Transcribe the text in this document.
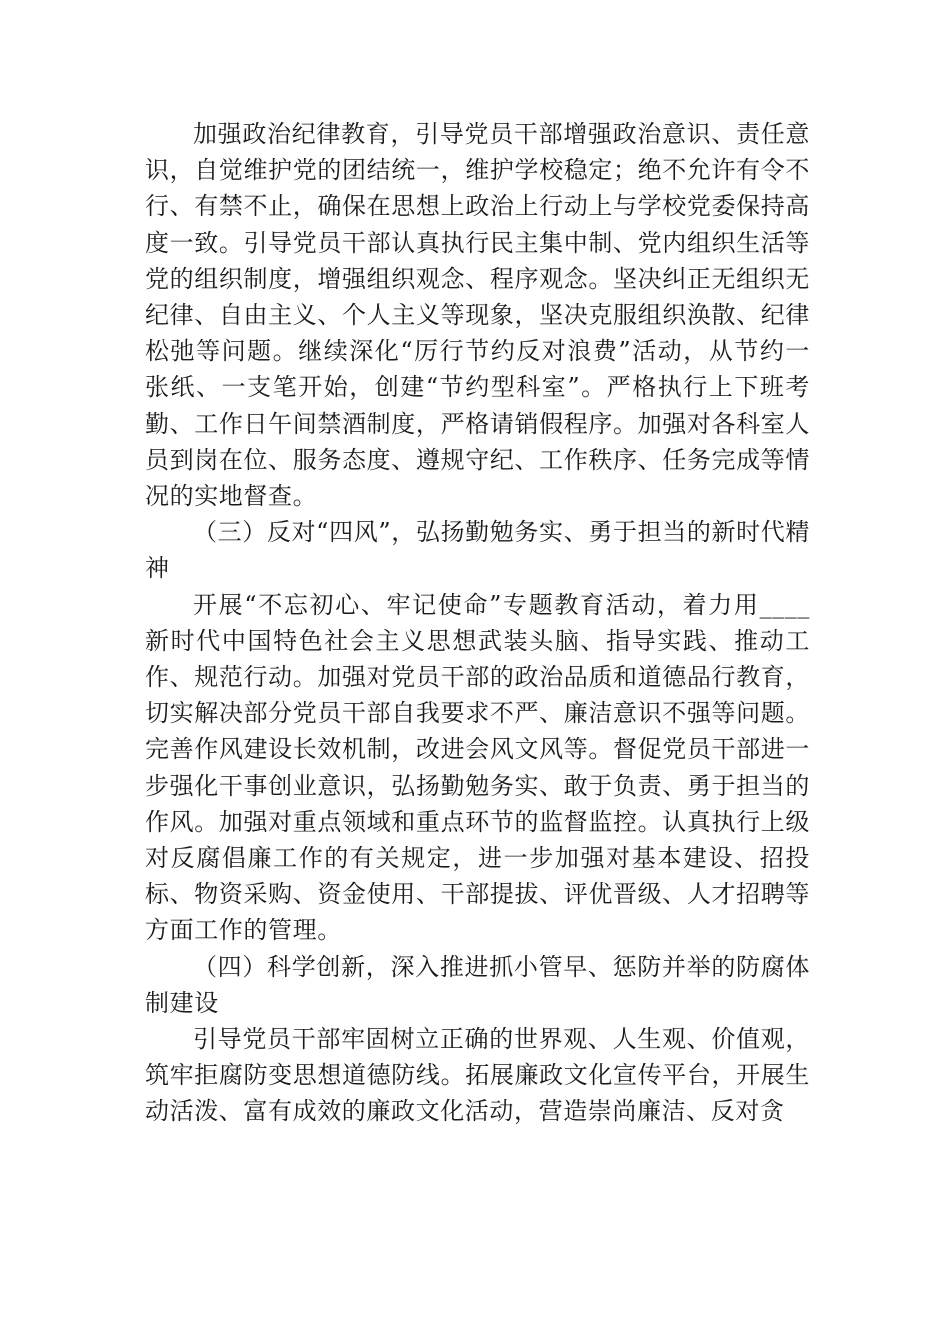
加强政治纪律教育，引导党员干部增强政治意识、责任意识，自觉维护党的团结统一，维护学校稳定；绝不允许有令不行、有禁不止，确保在思想上政治上行动上与学校党委保持高度一致。引导党员干部认真执行民主集中制、党内组织生活等党的组织制度，增强组织观念、程序观念。坚决纠正无组织无纪律、自由主义、个人主义等现象，坚决克服组织涣散、纪律松弛等问题。继续深化“厉行节约反对浪费”活动，从节约一张纸、一支笔开始，创建“节约型科室”。严格执行上下班考勤、工作日午间禁酒制度，严格请销假程序。加强对各科室人员到岗在位、服务态度、遵规守纪、工作秩序、任务完成等情况的实地督查。

（三）反对“四风”，弘扬勤勉务实、勇于担当的新时代精神

开展“不忘初心、牢记使命”专题教育活动，着力用____新时代中国特色社会主义思想武装头脑、指导实践、推动工作、规范行动。加强对党员干部的政治品质和道德品行教育，切实解决部分党员干部自我要求不严、廉洁意识不强等问题。完善作风建设长效机制，改进会风文风等。督促党员干部进一步强化干事创业意识，弘扬勤勉务实、敢于负责、勇于担当的作风。加强对重点领域和重点环节的监督监控。认真执行上级对反腐倡廉工作的有关规定，进一步加强对基本建设、招投标、物资采购、资金使用、干部提拔、评优晋级、人才招聘等方面工作的管理。

（四）科学创新，深入推进抓小管早、惩防并举的防腐体制建设

引导党员干部牢固树立正确的世界观、人生观、价值观，筑牢拒腐防变思想道德防线。拓展廉政文化宣传平台，开展生动活泼、富有成效的廉政文化活动，营造崇尚廉洁、反对贪
